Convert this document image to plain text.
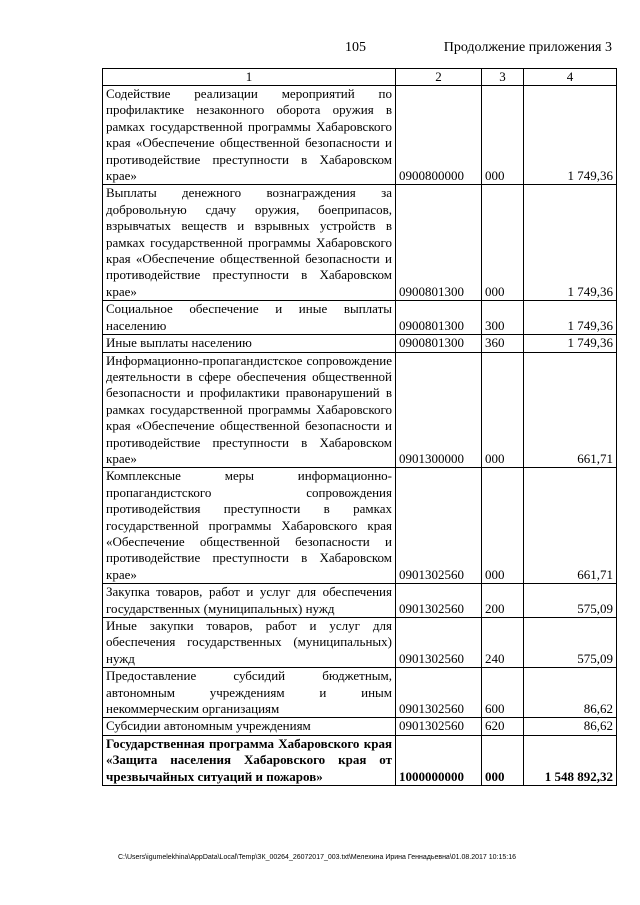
105	Продолжение приложения 3
1	2	3	4
Содействие реализации мероприятий по профилактике незаконного оборота оружия в рамках государственной программы Хабаровского края «Обеспечение общественной безопасности и противодействие преступности в Хабаровском крае»	0900800000	000	1 749,36
Выплаты денежного вознаграждения за добровольную сдачу оружия, боеприпасов, взрывчатых веществ и взрывных устройств в рамках государственной программы Хабаровского края «Обеспечение общественной безопасности и противодействие преступности в Хабаровском крае»	0900801300	000	1 749,36
Социальное обеспечение и иные выплаты населению	0900801300	300	1 749,36
Иные выплаты населению	0900801300	360	1 749,36
Информационно-пропагандистское сопровождение деятельности в сфере обеспечения общественной безопасности и профилактики правонарушений в рамках государственной программы Хабаровского края «Обеспечение общественной безопасности и противодействие преступности в Хабаровском крае»	0901300000	000	661,71
Комплексные меры информационно-пропагандистского сопровождения противодействия преступности в рамках государственной программы Хабаровского края «Обеспечение общественной безопасности и противодействие преступности в Хабаровском крае»	0901302560	000	661,71
Закупка товаров, работ и услуг для обеспечения государственных (муниципальных) нужд	0901302560	200	575,09
Иные закупки товаров, работ и услуг для обеспечения государственных (муниципальных) нужд	0901302560	240	575,09
Предоставление субсидий бюджетным, автономным учреждениям и иным некоммерческим организациям	0901302560	600	86,62
Субсидии автономным учреждениям	0901302560	620	86,62
Государственная программа Хабаровского края «Защита населения Хабаровского края от чрезвычайных ситуаций и пожаров»	1000000000	000	1 548 892,32
C:\Users\igumelekhina\AppData\Local\Temp\ЗК_00264_26072017_003.txt\Мелехина Ирина Геннадьевна\01.08.2017 10:15:16
